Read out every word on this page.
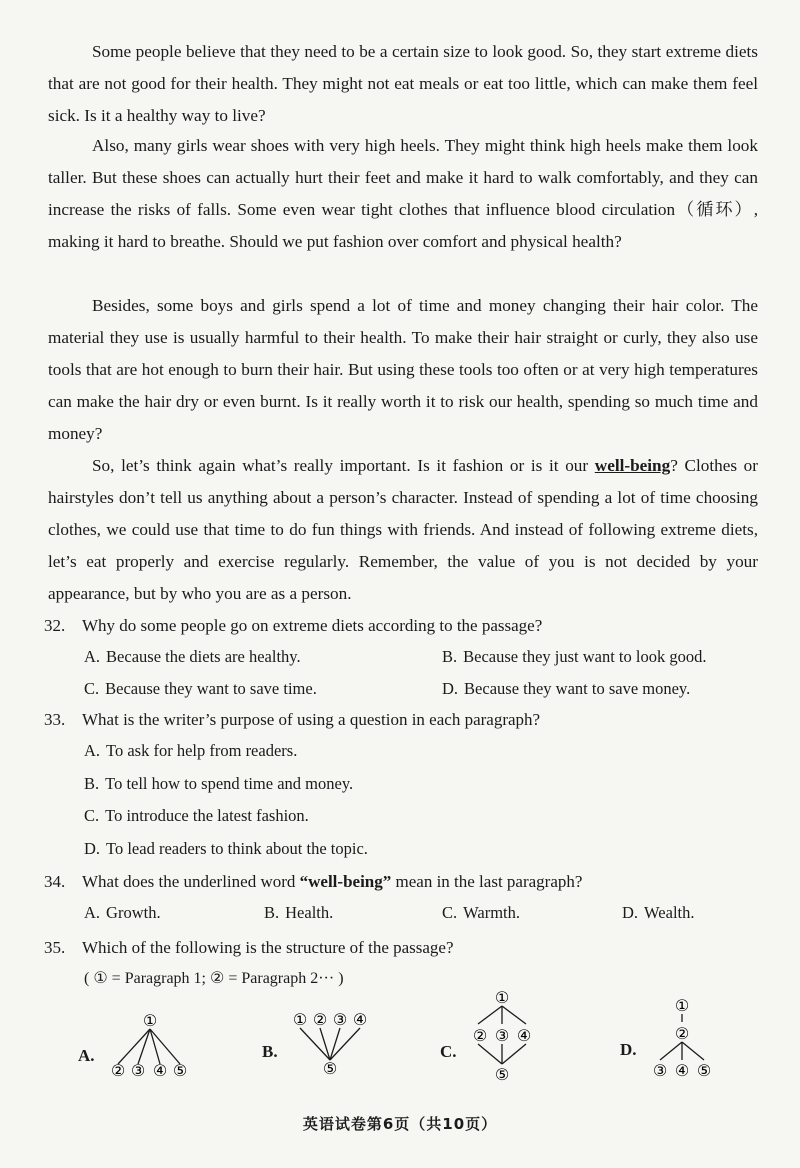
Some people believe that they need to be a certain size to look good. So, they start extreme diets that are not good for their health. They might not eat meals or eat too little, which can make them feel sick. Is it a healthy way to live?

Also, many girls wear shoes with very high heels. They might think high heels make them look taller. But these shoes can actually hurt their feet and make it hard to walk comfortably, and they can increase the risks of falls. Some even wear tight clothes that influence blood circulation（循环）, making it hard to breathe. Should we put fashion over comfort and physical health?

Besides, some boys and girls spend a lot of time and money changing their hair color. The material they use is usually harmful to their health. To make their hair straight or curly, they also use tools that are hot enough to burn their hair. But using these tools too often or at very high temperatures can make the hair dry or even burnt. Is it really worth it to risk our health, spending so much time and money?

So, let’s think again what’s really important. Is it fashion or is it our well-being? Clothes or hairstyles don’t tell us anything about a person’s character. Instead of spending a lot of time choosing clothes, we could use that time to do fun things with friends. And instead of following extreme diets, let’s eat properly and exercise regularly. Remember, the value of you is not decided by your appearance, but by who you are as a person.

32. Why do some people go on extreme diets according to the passage?
A. Because the diets are healthy.	B. Because they just want to look good.
C. Because they want to save time.	D. Because they want to save money.
33. What is the writer’s purpose of using a question in each paragraph?
A. To ask for help from readers.
B. To tell how to spend time and money.
C. To introduce the latest fashion.
D. To lead readers to think about the topic.
34. What does the underlined word “well-being” mean in the last paragraph?
A. Growth.	B. Health.	C. Warmth.	D. Wealth.
35. Which of the following is the structure of the passage?
( ① = Paragraph 1; ② = Paragraph 2··· )
A.	B.	C.	D.
①
② ③ ④ ⑤
① ② ③ ④
⑤
①
② ③ ④
⑤
①
②
③ ④ ⑤
英语试卷第6页（共10页）
